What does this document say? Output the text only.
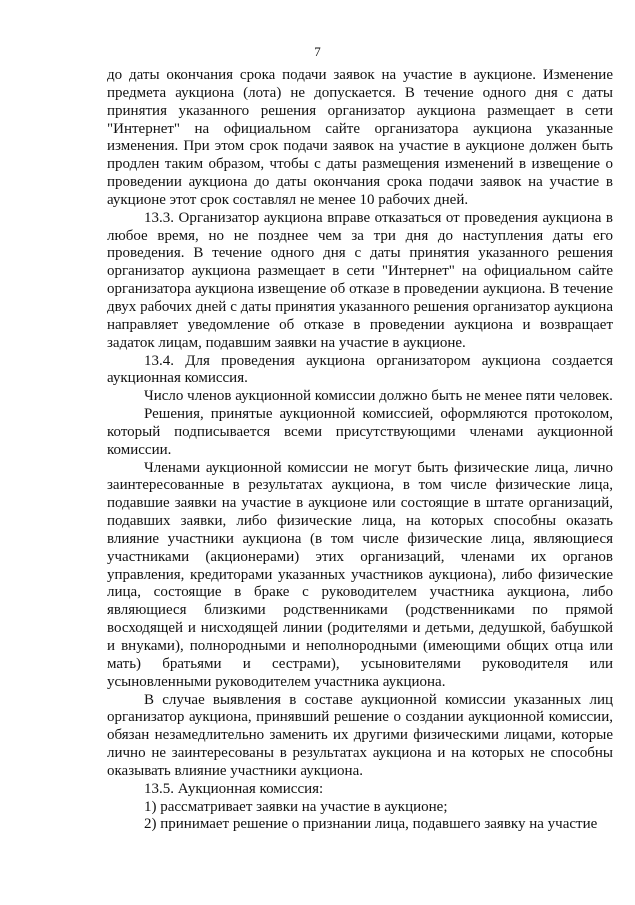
7

до даты окончания срока подачи заявок на участие в аукционе. Изменение предмета аукциона (лота) не допускается. В течение одного дня с даты принятия указанного решения организатор аукциона размещает в сети "Интернет" на официальном сайте организатора аукциона указанные изменения. При этом срок подачи заявок на участие в аукционе должен быть продлен таким образом, чтобы с даты размещения изменений в извещение о проведении аукциона до даты окончания срока подачи заявок на участие в аукционе этот срок составлял не менее 10 рабочих дней.

13.3. Организатор аукциона вправе отказаться от проведения аукциона в любое время, но не позднее чем за три дня до наступления даты его проведения. В течение одного дня с даты принятия указанного решения организатор аукциона размещает в сети "Интернет" на официальном сайте организатора аукциона извещение об отказе в проведении аукциона. В течение двух рабочих дней с даты принятия указанного решения организатор аукциона направляет уведомление об отказе в проведении аукциона и возвращает задаток лицам, подавшим заявки на участие в аукционе.

13.4. Для проведения аукциона организатором аукциона создается аукционная комиссия.

Число членов аукционной комиссии должно быть не менее пяти человек.

Решения, принятые аукционной комиссией, оформляются протоколом, который подписывается всеми присутствующими членами аукционной комиссии.

Членами аукционной комиссии не могут быть физические лица, лично заинтересованные в результатах аукциона, в том числе физические лица, подавшие заявки на участие в аукционе или состоящие в штате организаций, подавших заявки, либо физические лица, на которых способны оказать влияние участники аукциона (в том числе физические лица, являющиеся участниками (акционерами) этих организаций, членами их органов управления, кредиторами указанных участников аукциона), либо физические лица, состоящие в браке с руководителем участника аукциона, либо являющиеся близкими родственниками (родственниками по прямой восходящей и нисходящей линии (родителями и детьми, дедушкой, бабушкой и внуками), полнородными и неполнородными (имеющими общих отца или мать) братьями и сестрами), усыновителями руководителя или усыновленными руководителем участника аукциона.

В случае выявления в составе аукционной комиссии указанных лиц организатор аукциона, принявший решение о создании аукционной комиссии, обязан незамедлительно заменить их другими физическими лицами, которые лично не заинтересованы в результатах аукциона и на которых не способны оказывать влияние участники аукциона.

13.5. Аукционная комиссия:

1) рассматривает заявки на участие в аукционе;

2) принимает решение о признании лица, подавшего заявку на участие
